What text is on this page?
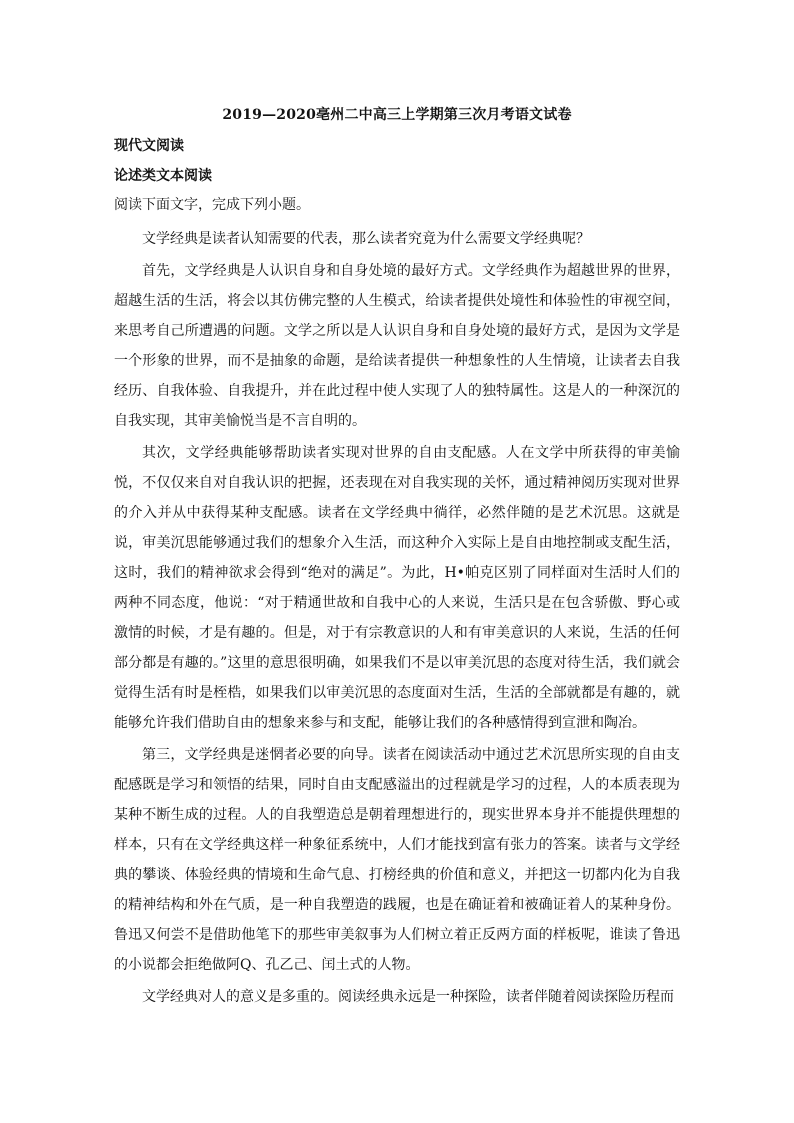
2019—2020亳州二中高三上学期第三次月考语文试卷
现代文阅读
论述类文本阅读
阅读下面文字，完成下列小题。

文学经典是读者认知需要的代表，那么读者究竟为什么需要文学经典呢？

首先，文学经典是人认识自身和自身处境的最好方式。文学经典作为超越世界的世界，超越生活的生活，将会以其仿佛完整的人生模式，给读者提供处境性和体验性的审视空间，来思考自己所遭遇的问题。文学之所以是人认识自身和自身处境的最好方式，是因为文学是一个形象的世界，而不是抽象的命题，是给读者提供一种想象性的人生情境，让读者去自我经历、自我体验、自我提升，并在此过程中使人实现了人的独特属性。这是人的一种深沉的自我实现，其审美愉悦当是不言自明的。

其次，文学经典能够帮助读者实现对世界的自由支配感。人在文学中所获得的审美愉悦，不仅仅来自对自我认识的把握，还表现在对自我实现的关怀，通过精神阅历实现对世界的介入并从中获得某种支配感。读者在文学经典中徜徉，必然伴随的是艺术沉思。这就是说，审美沉思能够通过我们的想象介入生活，而这种介入实际上是自由地控制或支配生活，这时，我们的精神欲求会得到“绝对的满足”。为此，H•帕克区别了同样面对生活时人们的两种不同态度，他说：“对于精通世故和自我中心的人来说，生活只是在包含骄傲、野心或激情的时候，才是有趣的。但是，对于有宗教意识的人和有审美意识的人来说，生活的任何部分都是有趣的。”这里的意思很明确，如果我们不是以审美沉思的态度对待生活，我们就会觉得生活有时是桎梏，如果我们以审美沉思的态度面对生活，生活的全部就都是有趣的，就能够允许我们借助自由的想象来参与和支配，能够让我们的各种感情得到宣泄和陶冶。

第三，文学经典是迷惘者必要的向导。读者在阅读活动中通过艺术沉思所实现的自由支配感既是学习和领悟的结果，同时自由支配感溢出的过程就是学习的过程，人的本质表现为某种不断生成的过程。人的自我塑造总是朝着理想进行的，现实世界本身并不能提供理想的样本，只有在文学经典这样一种象征系统中，人们才能找到富有张力的答案。读者与文学经典的攀谈、体验经典的情境和生命气息、打榜经典的价值和意义，并把这一切都内化为自我的精神结构和外在气质，是一种自我塑造的践履，也是在确证着和被确证着人的某种身份。鲁迅又何尝不是借助他笔下的那些审美叙事为人们树立着正反两方面的样板呢，谁读了鲁迅的小说都会拒绝做阿Q、孔乙己、闰土式的人物。

文学经典对人的意义是多重的。阅读经典永远是一种探险，读者伴随着阅读探险历程而
